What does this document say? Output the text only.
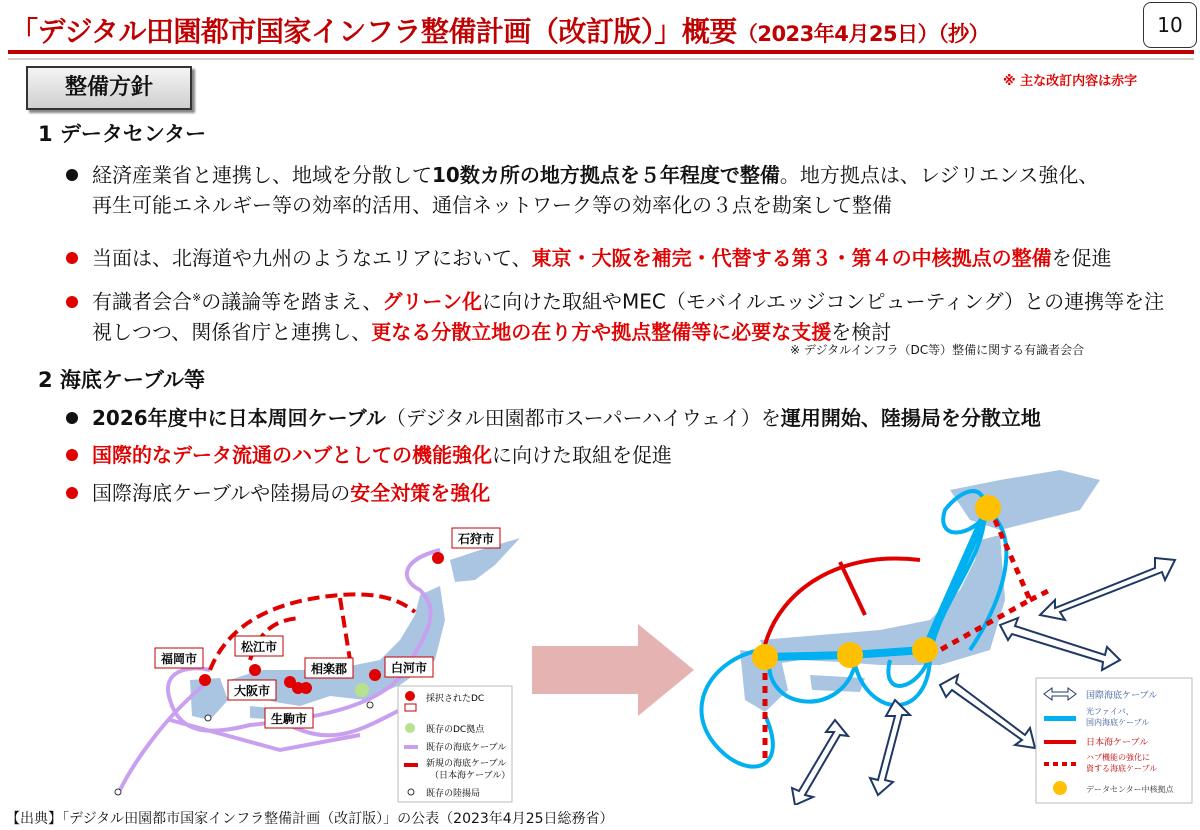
「デジタル田園都市国家インフラ整備計画（改訂版）」概要（2023年4月25日）（抄）	10
整備方針	※ 主な改訂内容は赤字
1 データセンター
経済産業省と連携し、地域を分散して10数カ所の地方拠点を５年程度で整備。地方拠点は、レジリエンス強化、
再生可能エネルギー等の効率的活用、通信ネットワーク等の効率化の３点を勘案して整備
当面は、北海道や九州のようなエリアにおいて、東京・大阪を補完・代替する第３・第４の中核拠点の整備を促進
有識者会合※の議論等を踏まえ、グリーン化に向けた取組やMEC（モバイルエッジコンピューティング）との連携等を注
視しつつ、関係省庁と連携し、更なる分散立地の在り方や拠点整備等に必要な支援を検討
※ デジタルインフラ（DC等）整備に関する有識者会合
2 海底ケーブル等
2026年度中に日本周回ケーブル（デジタル田園都市スーパーハイウェイ）を運用開始、陸揚局を分散立地
国際的なデータ流通のハブとしての機能強化に向けた取組を促進
国際海底ケーブルや陸揚局の安全対策を強化
石狩市
松江市
福岡市
相楽郡	白河市
大阪市
生駒市
採択されたDC
既存のDC拠点
既存の海底ケーブル
新規の海底ケーブル
（日本海ケーブル）
既存の陸揚局
国際海底ケーブル
光ファイバ、
国内海底ケーブル
日本海ケーブル
ハブ機能の強化に
資する海底ケーブル
データセンター中核拠点
【出典】「デジタル田園都市国家インフラ整備計画（改訂版）」の公表（2023年4月25日総務省）
